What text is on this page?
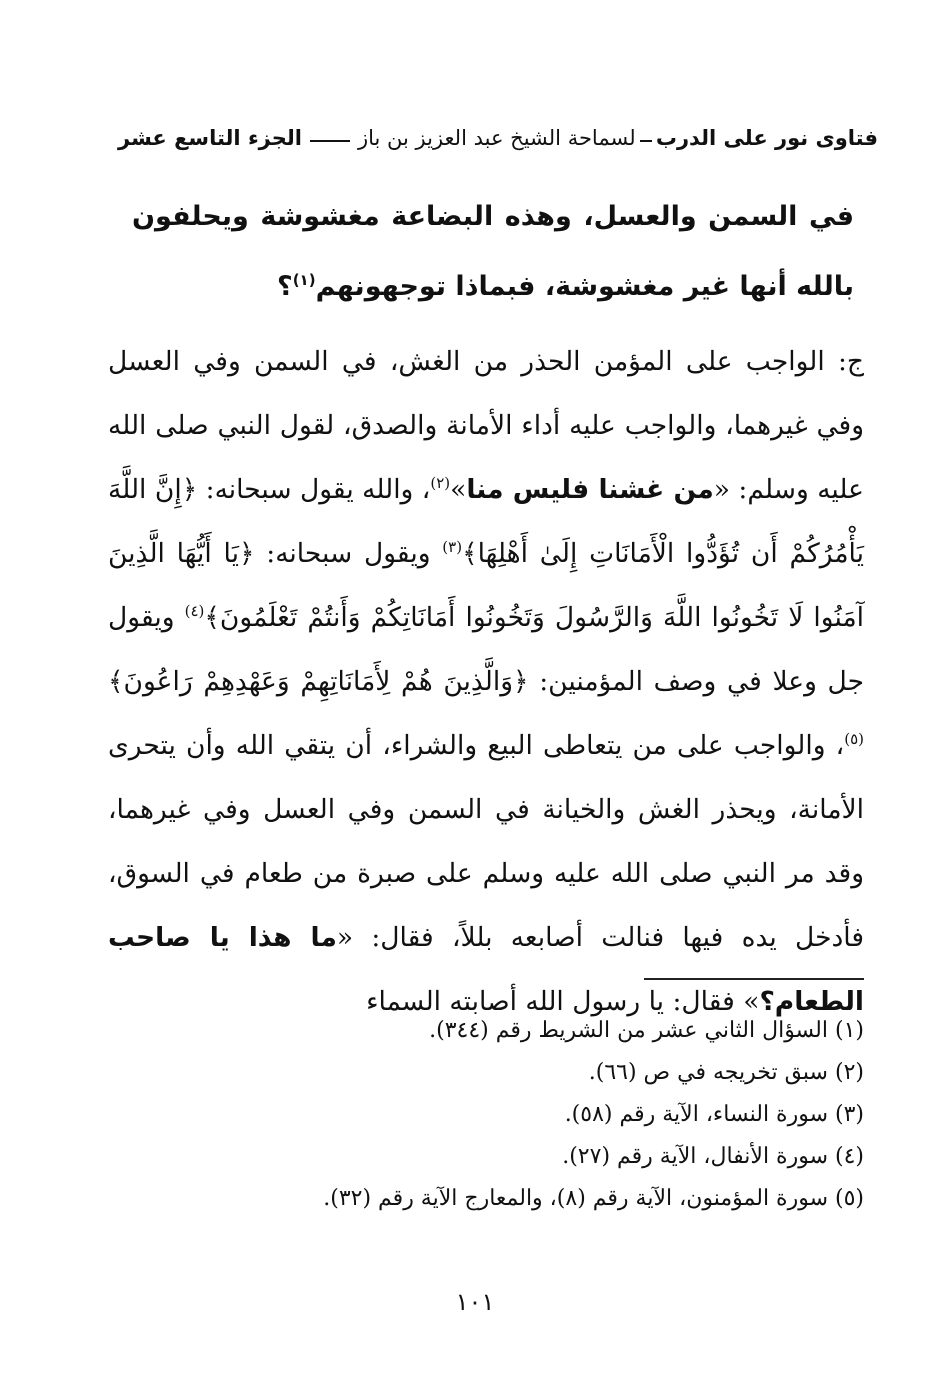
فتاوى نور على الدرب
لسماحة الشيخ عبد العزيز بن باز
الجزء التاسع عشر
في السمن والعسل، وهذه البضاعة مغشوشة ويحلفون بالله أنها غير مغشوشة، فبماذا توجهونهم$^{(١)}$؟
ج: الواجب على المؤمن الحذر من الغش، في السمن وفي العسل وفي غيرهما، والواجب عليه أداء الأمانة والصدق، لقول النبي صلى الله عليه وسلم: «من غشنا فليس منا»$^{(٢)}$، والله يقول سبحانه: ﴿إِنَّ اللَّهَ يَأْمُرُكُمْ أَن تُؤَدُّوا الْأَمَانَاتِ إِلَىٰ أَهْلِهَا﴾$^{(٣)}$ ويقول سبحانه: ﴿يَا أَيُّهَا الَّذِينَ آمَنُوا لَا تَخُونُوا اللَّهَ وَالرَّسُولَ وَتَخُونُوا أَمَانَاتِكُمْ وَأَنتُمْ تَعْلَمُونَ﴾$^{(٤)}$ ويقول جل وعلا في وصف المؤمنين: ﴿وَالَّذِينَ هُمْ لِأَمَانَاتِهِمْ وَعَهْدِهِمْ رَاعُونَ﴾$^{(٥)}$، والواجب على من يتعاطى البيع والشراء، أن يتقي الله وأن يتحرى الأمانة، ويحذر الغش والخيانة في السمن وفي العسل وفي غيرهما، وقد مر النبي صلى الله عليه وسلم على صبرة من طعام في السوق، فأدخل يده فيها فنالت أصابعه بللاً، فقال: «ما هذا يا صاحب الطعام؟» فقال: يا رسول الله أصابته السماء
(١) السؤال الثاني عشر من الشريط رقم (٣٤٤).
(٢) سبق تخريجه في ص (٦٦).
(٣) سورة النساء، الآية رقم (٥٨).
(٤) سورة الأنفال، الآية رقم (٢٧).
(٥) سورة المؤمنون، الآية رقم (٨)، والمعارج الآية رقم (٣٢).
١٠١
